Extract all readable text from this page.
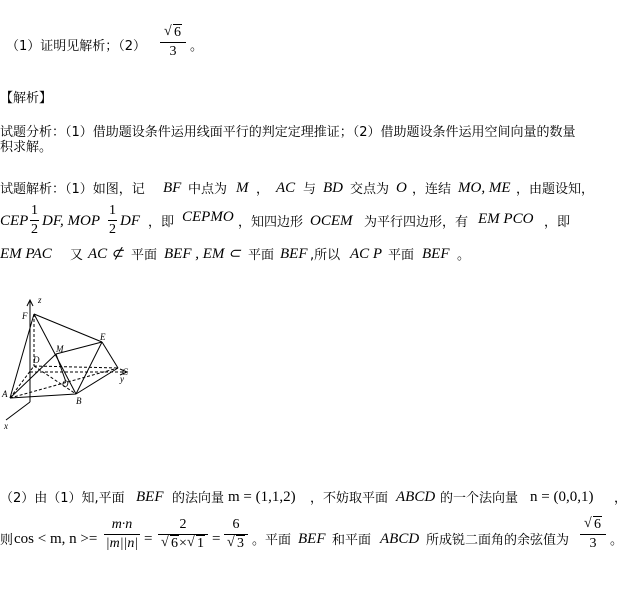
（1）证明见解析；（2）
√ 6
3	。
【解析】
试题分析：（1）借助题设条件运用线面平行的判定定理推证；（2）借助题设条件运用空间向量的数量
积求解。
试题解析：（1）如图，记 BF 中点为 M ， AC 与 BD 交点为 O ，连结 MO, ME ，由题设知，
CEP
1
2
DF, MOP
1
2
DF ，即 CEPMO ，知四边形 OCEM 为平行四边形，有 EM PCO ，即
EM PAC 又 AC ⊄ 平面 BEF , EM ⊂ 平面 BEF ,所以 AC P 平面 BEF 。
z
F
D
M
E
C
y
O
A
B
x
（2）由（1）知,平面 BEF 的法向量 m = (1,1,2) ，不妨取平面 ABCD 的一个法向量 n = (0,0,1) ，
则 cos < m, n >=
m·n
|m||n| =
2
√ 6×√ 1 =
6
√ 3 。平面 BEF 和平面 ABCD 所成锐二面角的余弦值为
√ 6
3	。
